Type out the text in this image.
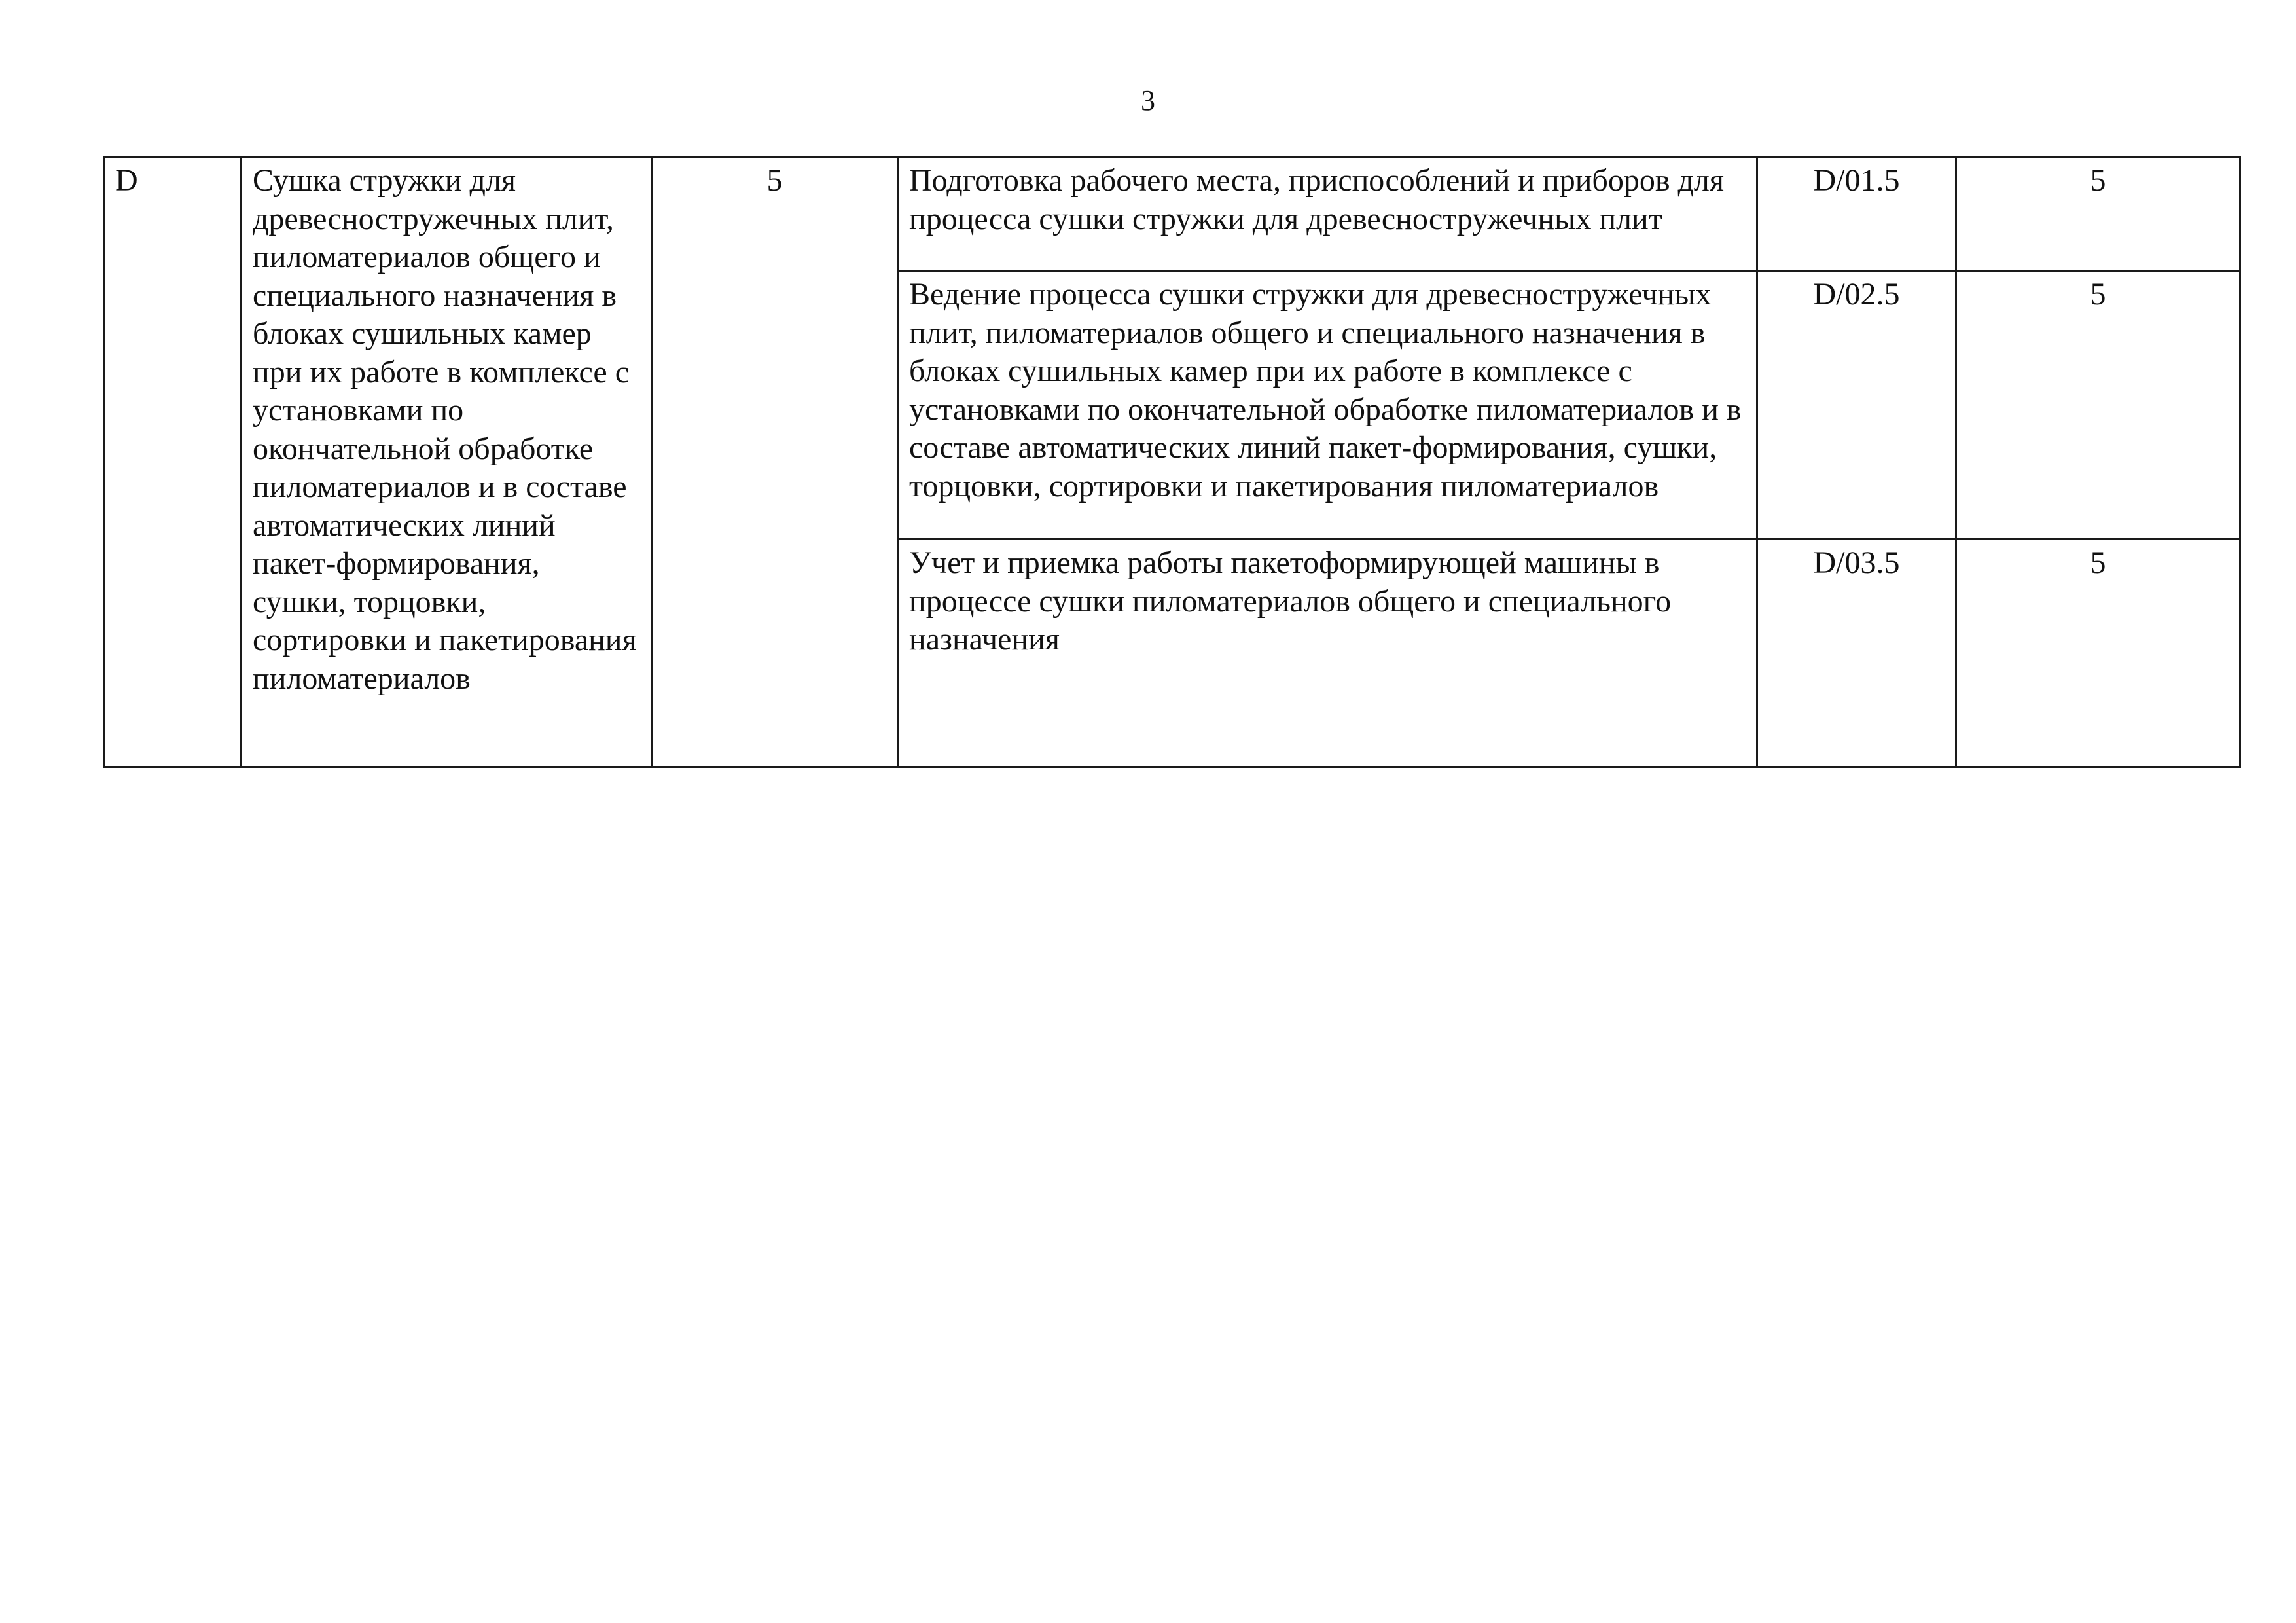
3
D	Сушка стружки для древесностружечных плит, пиломатериалов общего и специального назначения в блоках сушильных камер при их работе в комплексе с установками по окончательной обработке пиломатериалов и в составе автоматических линий пакет-формирования, сушки, торцовки, сортировки и пакетирования пиломатериалов	5	Подготовка рабочего места, приспособлений и приборов для процесса сушки стружки для древесностружечных плит	D/01.5	5

			Ведение процесса сушки стружки для древесностружечных плит, пиломатериалов общего и специального назначения в блоках сушильных камер при их работе в комплексе с установками по окончательной обработке пиломатериалов и в составе автоматических линий пакет-формирования, сушки, торцовки, сортировки и пакетирования пиломатериалов	D/02.5	5

			Учет и приемка работы пакетоформирующей машины в процессе сушки пиломатериалов общего и специального назначения	D/03.5	5
